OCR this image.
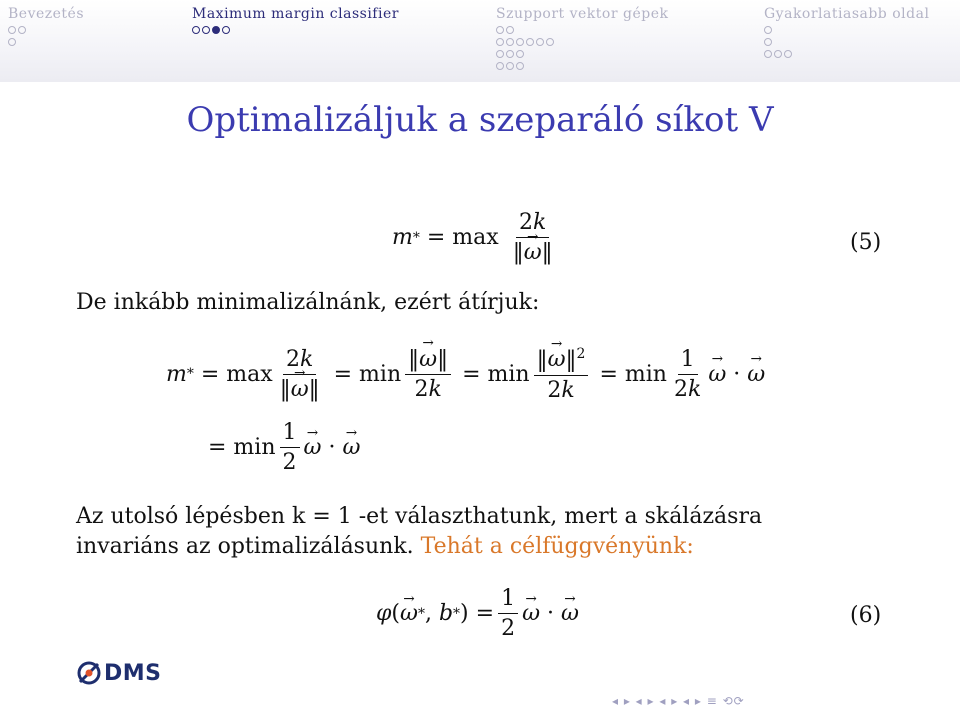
Bevezetés	Maximum margin classifier	Szupport vektor gépek	Gyakorlatiasabb oldal
Optimalizáljuk a szeparáló síkot V
m * = $\max \frac{2k}{‖\to \omega‖}$	(5)
De inkább minimalizálnánk, ezért átírjuk:
m * = $\max \frac{2k}{‖\to \omega‖} = \min \frac{‖\to \omega‖}{2k} = \min \frac{‖\to \omega‖^2}{2k} = \min \frac{1}{2k}$
→ ω ·
→ ω
= $\min \frac{1}{2}$
→ ω ·
→ ω
Az utolsó lépésben k = 1 -et választhatunk, mert a skálázásra
invariáns az optimalizálásunk. Tehát a célfüggvényünk:
φ (
→ ω * , b * ) = $\frac{1}{2}$
→ ω ·
→ ω	(6)
DMS
◂ ▸ ◂ ▸ ◂ ▸ ◂ ▸ ≡ ⟲⟳
